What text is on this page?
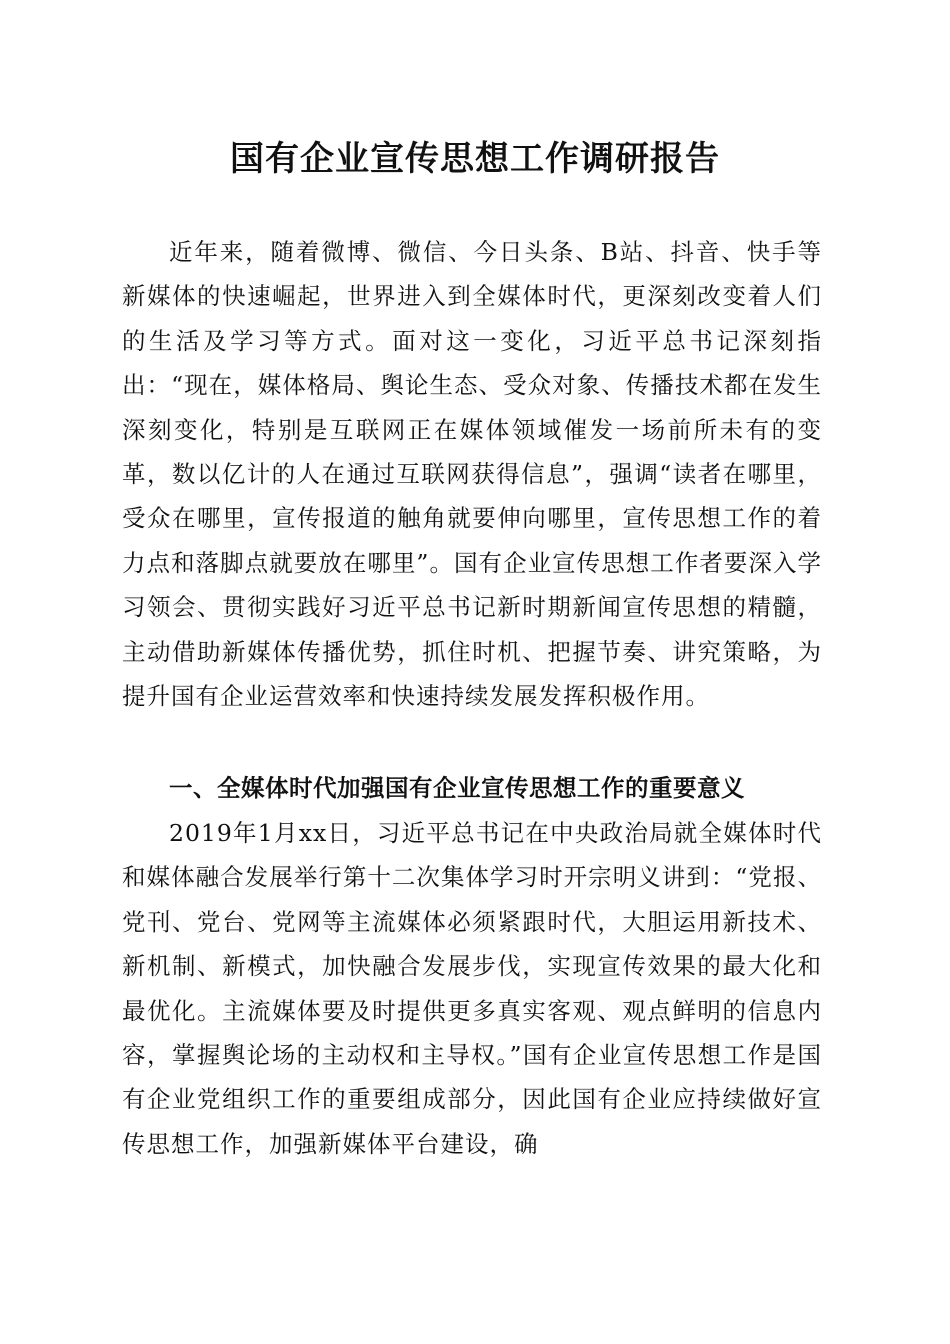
国有企业宣传思想工作调研报告

近年来，随着微博、微信、今日头条、B站、抖音、快手等新媒体的快速崛起，世界进入到全媒体时代，更深刻改变着人们的生活及学习等方式。面对这一变化，习近平总书记深刻指出：“现在，媒体格局、舆论生态、受众对象、传播技术都在发生深刻变化，特别是互联网正在媒体领域催发一场前所未有的变革，数以亿计的人在通过互联网获得信息”，强调“读者在哪里，受众在哪里，宣传报道的触角就要伸向哪里，宣传思想工作的着力点和落脚点就要放在哪里”。国有企业宣传思想工作者要深入学习领会、贯彻实践好习近平总书记新时期新闻宣传思想的精髓，主动借助新媒体传播优势，抓住时机、把握节奏、讲究策略，为提升国有企业运营效率和快速持续发展发挥积极作用。

一、全媒体时代加强国有企业宣传思想工作的重要意义

2019年1月xx日，习近平总书记在中央政治局就全媒体时代和媒体融合发展举行第十二次集体学习时开宗明义讲到：“党报、党刊、党台、党网等主流媒体必须紧跟时代，大胆运用新技术、新机制、新模式，加快融合发展步伐，实现宣传效果的最大化和最优化。主流媒体要及时提供更多真实客观、观点鲜明的信息内容，掌握舆论场的主动权和主导权。”国有企业宣传思想工作是国有企业党组织工作的重要组成部分，因此国有企业应持续做好宣传思想工作，加强新媒体平台建设，确
